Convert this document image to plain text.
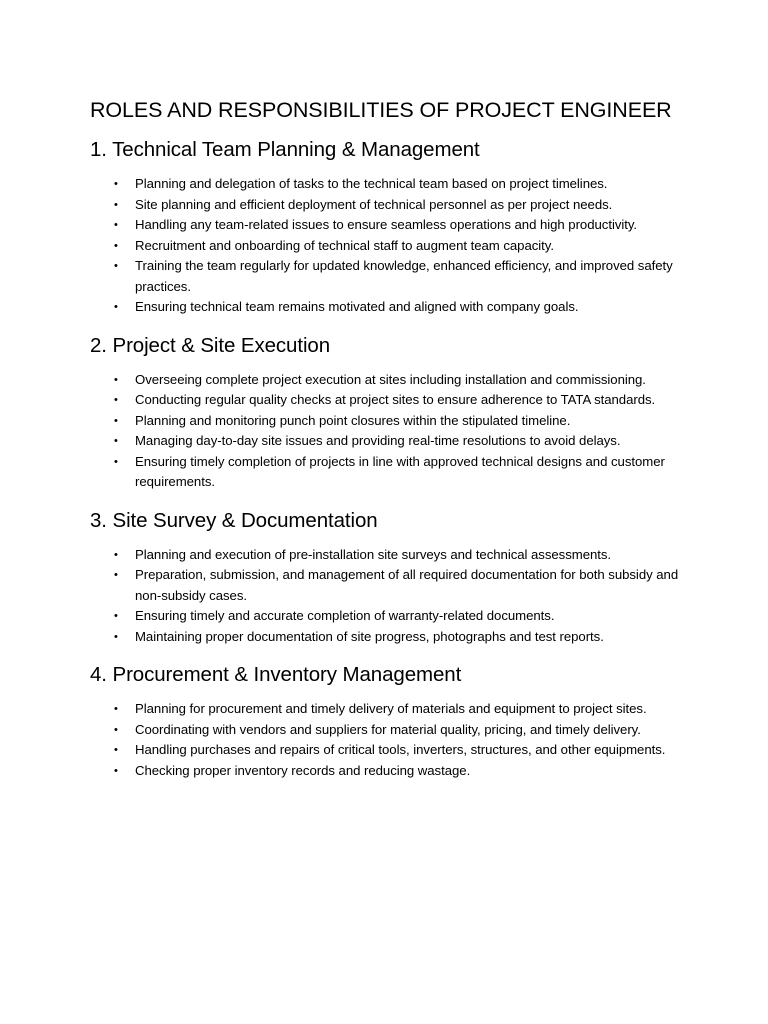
ROLES AND RESPONSIBILITIES OF PROJECT ENGINEER
1. Technical Team Planning & Management
• Planning and delegation of tasks to the technical team based on project timelines.
• Site planning and efficient deployment of technical personnel as per project needs.
• Handling any team-related issues to ensure seamless operations and high productivity.
• Recruitment and onboarding of technical staff to augment team capacity.
• Training the team regularly for updated knowledge, enhanced efficiency, and improved safety practices.
• Ensuring technical team remains motivated and aligned with company goals.
2. Project & Site Execution
• Overseeing complete project execution at sites including installation and commissioning.
• Conducting regular quality checks at project sites to ensure adherence to TATA standards.
• Planning and monitoring punch point closures within the stipulated timeline.
• Managing day-to-day site issues and providing real-time resolutions to avoid delays.
• Ensuring timely completion of projects in line with approved technical designs and customer requirements.
3. Site Survey & Documentation
• Planning and execution of pre-installation site surveys and technical assessments.
• Preparation, submission, and management of all required documentation for both subsidy and non-subsidy cases.
• Ensuring timely and accurate completion of warranty-related documents.
• Maintaining proper documentation of site progress, photographs and test reports.
4. Procurement & Inventory Management
• Planning for procurement and timely delivery of materials and equipment to project sites.
• Coordinating with vendors and suppliers for material quality, pricing, and timely delivery.
• Handling purchases and repairs of critical tools, inverters, structures, and other equipments.
• Checking proper inventory records and reducing wastage.
